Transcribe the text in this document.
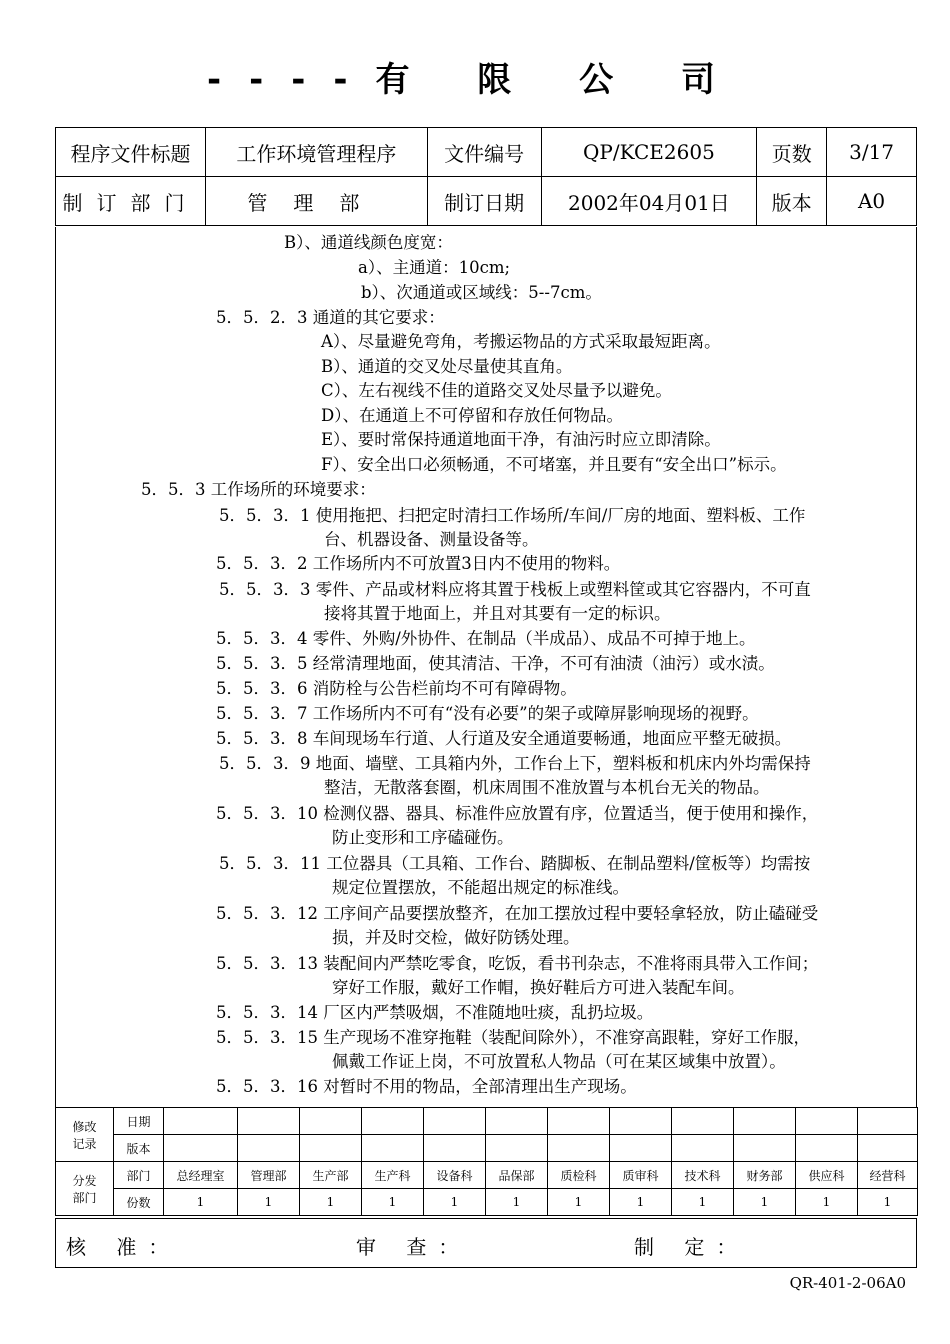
----有 限 公 司
程序文件标题	工作环境管理程序	文件编号	QP/KCE2605	页数	3/17
制订部门	管理部	制订日期	2002年04月01日	版本	A0
B）、通道线颜色度宽：
a）、主通道：10cm;
b）、次通道或区域线：5--7cm。
5．5．2．3 通道的其它要求：
A）、尽量避免弯角，考搬运物品的方式采取最短距离。
B）、通道的交叉处尽量使其直角。
C）、左右视线不佳的道路交叉处尽量予以避免。
D）、在通道上不可停留和存放任何物品。
E）、要时常保持通道地面干净，有油污时应立即清除。
F）、安全出口必须畅通，不可堵塞，并且要有“安全出口”标示。
5．5．3 工作场所的环境要求：
5．5．3．1 使用拖把、扫把定时清扫工作场所/车间/厂房的地面、塑料板、工作
台、机器设备、测量设备等。
5．5．3．2 工作场所内不可放置3日内不使用的物料。
5．5．3．3 零件、产品或材料应将其置于栈板上或塑料筐或其它容器内，不可直
接将其置于地面上，并且对其要有一定的标识。
5．5．3．4 零件、外购/外协件、在制品（半成品）、成品不可掉于地上。
5．5．3．5 经常清理地面，使其清洁、干净，不可有油渍（油污）或水渍。
5．5．3．6 消防栓与公告栏前均不可有障碍物。
5．5．3．7 工作场所内不可有“没有必要”的架子或障屏影响现场的视野。
5．5．3．8 车间现场车行道、人行道及安全通道要畅通，地面应平整无破损。
5．5．3．9 地面、墙壁、工具箱内外，工作台上下，塑料板和机床内外均需保持
整洁，无散落套圈，机床周围不准放置与本机台无关的物品。
5．5．3．10 检测仪器、器具、标准件应放置有序，位置适当，便于使用和操作，
防止变形和工序磕碰伤。
5．5．3．11 工位器具（工具箱、工作台、踏脚板、在制品塑料/筐板等）均需按
规定位置摆放，不能超出规定的标准线。
5．5．3．12 工序间产品要摆放整齐，在加工摆放过程中要轻拿轻放，防止磕碰受
损，并及时交检，做好防锈处理。
5．5．3．13 装配间内严禁吃零食，吃饭，看书刊杂志，不准将雨具带入工作间；
穿好工作服，戴好工作帽，换好鞋后方可进入装配车间。
5．5．3．14 厂区内严禁吸烟，不准随地吐痰，乱扔垃圾。
5．5．3．15 生产现场不准穿拖鞋（装配间除外），不准穿高跟鞋，穿好工作服，
佩戴工作证上岗，不可放置私人物品（可在某区域集中放置）。
5．5．3．16 对暂时不用的物品，全部清理出生产现场。
修改
记录	日期												
	版本												
分发
部门	部门	总经理室	管理部	生产部	生产科	设备科	品保部	质检科	质审科	技术科	财务部	供应科	经营科
	份数	1	1	1	1	1	1	1	1	1	1	1	1
核 准：	审 查：	制 定：
QR-401-2-06A0
